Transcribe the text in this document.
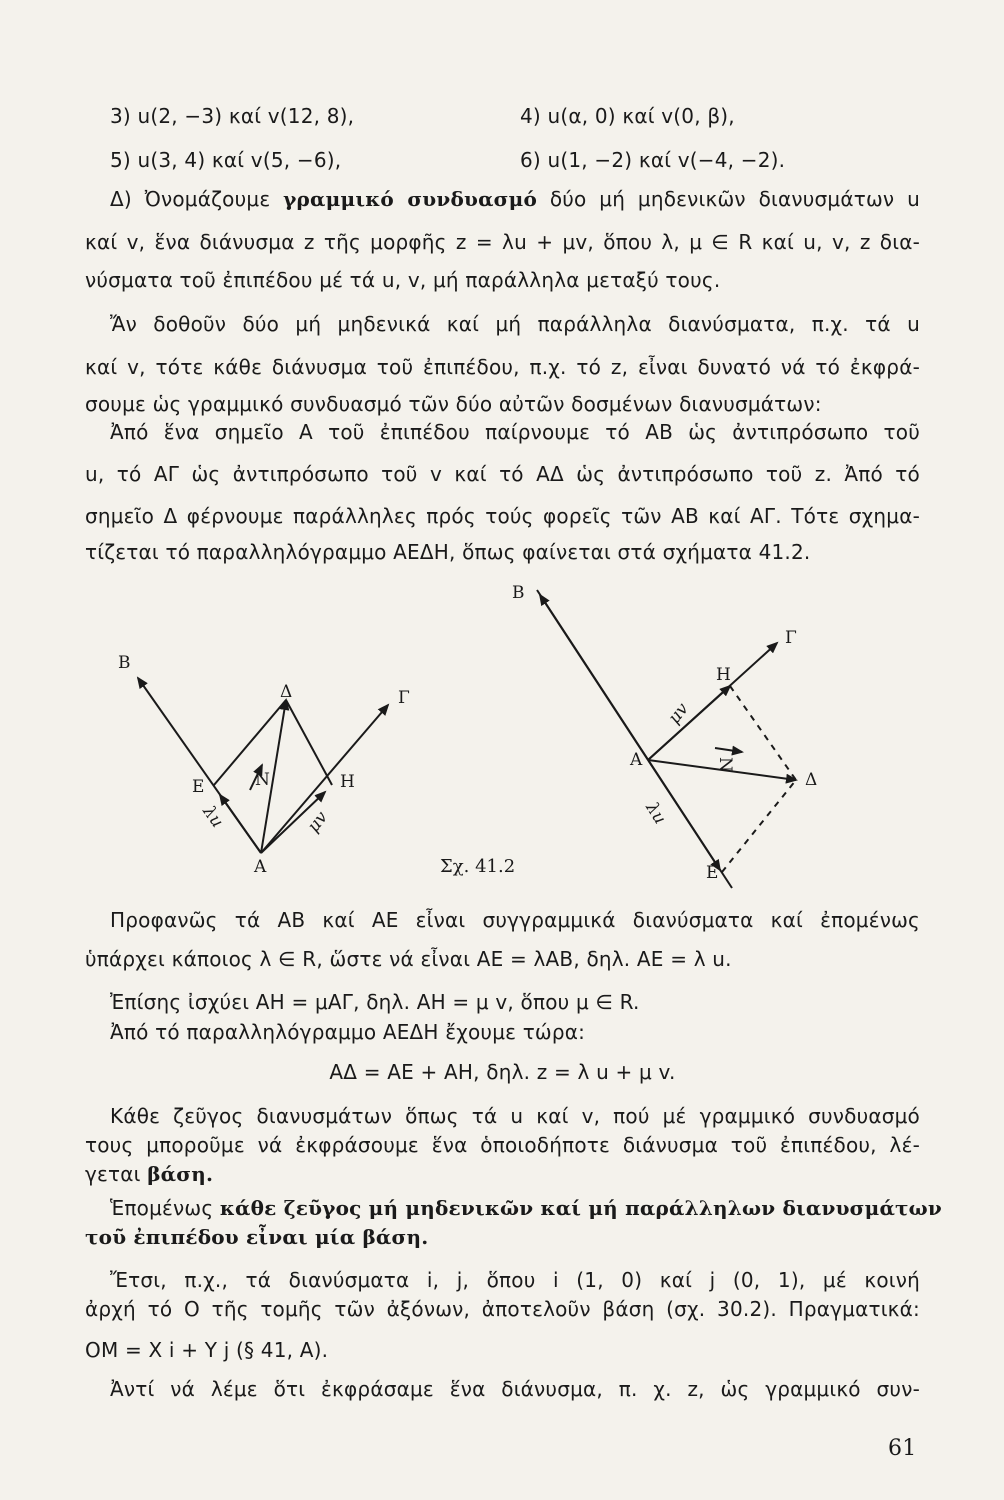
3) u(2, −3) καί v(12, 8),	4) u(α, 0) καί v(0, β),
5) u(3, 4) καί v(5, −6),	6) u(1, −2) καί v(−4, −2).
Δ) Ὀνομάζουμε γραμμικό συνδυασμό δύο μή μηδενικῶν διανυσμάτων u
καί v, ἕνα διάνυσμα z τῆς μορφῆς z = λu + μv, ὅπου λ, μ ∈ R καί u, v, z δια-
νύσματα τοῦ ἐπιπέδου μέ τά u, v, μή παράλληλα μεταξύ τους.
Ἄν δοθοῦν δύο μή μηδενικά καί μή παράλληλα διανύσματα, π.χ. τά u
καί v, τότε κάθε διάνυσμα τοῦ ἐπιπέδου, π.χ. τό z, εἶναι δυνατό νά τό ἐκφρά-
σουμε ὡς γραμμικό συνδυασμό τῶν δύο αὐτῶν δοσμένων διανυσμάτων:
Ἀπό ἕνα σημεῖο Α τοῦ ἐπιπέδου παίρνουμε τό ΑΒ ὡς ἀντιπρόσωπο τοῦ
u, τό ΑΓ ὡς ἀντιπρόσωπο τοῦ v καί τό ΑΔ ὡς ἀντιπρόσωπο τοῦ z. Ἀπό τό
σημεῖο Δ φέρνουμε παράλληλες πρός τούς φορεῖς τῶν ΑΒ καί ΑΓ. Τότε σχημα-
τίζεται τό παραλληλόγραμμο ΑΕΔΗ, ὅπως φαίνεται στά σχήματα 41.2.
Β
Δ	Γ
Ε	Ν	Η
Α
λu	μv
Σχ. 41.2
Β
Γ
Η
Α	Ν
Δ
Ε
λu
μv
Προφανῶς τά ΑΒ καί ΑΕ εἶναι συγγραμμικά διανύσματα καί ἐπομένως
ὑπάρχει κάποιος λ ∈ R, ὥστε νά εἶναι ΑΕ = λΑΒ, δηλ. ΑΕ = λ u.
Ἐπίσης ἰσχύει ΑΗ = μΑΓ, δηλ. ΑΗ = μ v, ὅπου μ ∈ R.
Ἀπό τό παραλληλόγραμμο ΑΕΔΗ ἔχουμε τώρα:
ΑΔ = ΑΕ + ΑΗ, δηλ. z = λ u + μ v.
Κάθε ζεῦγος διανυσμάτων ὅπως τά u καί v, πού μέ γραμμικό συνδυασμό
τους μποροῦμε νά ἐκφράσουμε ἕνα ὁποιοδήποτε διάνυσμα τοῦ ἐπιπέδου, λέ-
γεται βάση.
Ἑπομένως κάθε ζεῦγος μή μηδενικῶν καί μή παράλληλων διανυσμάτων
τοῦ ἐπιπέδου εἶναι μία βάση.
Ἔτσι, π.χ., τά διανύσματα i, j, ὅπου i (1, 0) καί j (0, 1), μέ κοινή
ἀρχή τό Ο τῆς τομῆς τῶν ἀξόνων, ἀποτελοῦν βάση (σχ. 30.2). Πραγματικά:
ΟΜ = Χ i + Υ j (§ 41, Α).
Ἀντί νά λέμε ὅτι ἐκφράσαμε ἕνα διάνυσμα, π. χ. z, ὡς γραμμικό συν-
61
